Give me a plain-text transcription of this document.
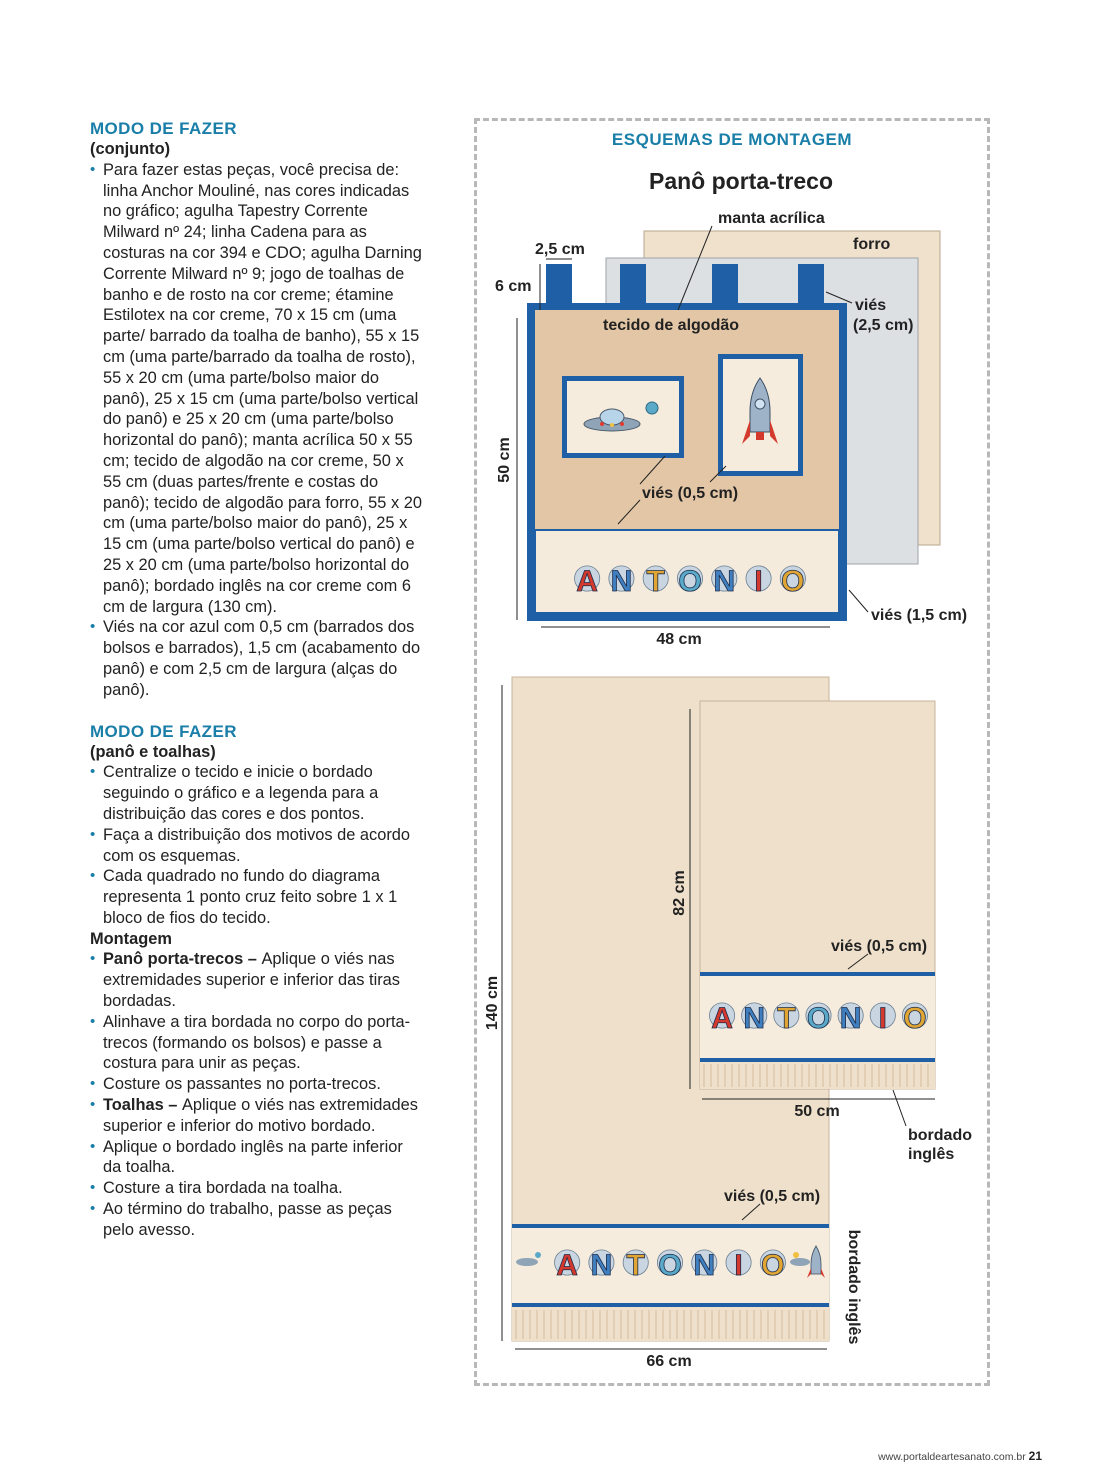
MODO DE FAZER
(conjunto)
• Para fazer estas peças, você precisa de: linha Anchor Mouliné, nas cores indicadas no gráfico; agulha Tapestry Corrente Milward nº 24; linha Cadena para as costuras na cor 394 e CDO; agulha Darning Corrente Milward nº 9; jogo de toalhas de banho e de rosto na cor creme; étamine Estilotex na cor creme, 70 x 15 cm (uma parte/ barrado da toalha de banho), 55 x 15 cm (uma parte/barrado da toalha de rosto), 55 x 20 cm (uma parte/bolso maior do panô), 25 x 15 cm (uma parte/bolso vertical do panô) e 25 x 20 cm (uma parte/bolso horizontal do panô); manta acrílica 50 x 55 cm; tecido de algodão na cor creme, 50 x 55 cm (duas partes/frente e costas do panô); tecido de algodão para forro, 55 x 20 cm (uma parte/bolso maior do panô), 25 x 15 cm (uma parte/bolso vertical do panô) e 25 x 20 cm (uma parte/bolso horizontal do panô); bordado inglês na cor creme com 6 cm de largura (130 cm).
• Viés na cor azul com 0,5 cm (barrados dos bolsos e barrados), 1,5 cm (acabamento do panô) e com 2,5 cm de largura (alças do panô).
MODO DE FAZER
(panô e toalhas)
• Centralize o tecido e inicie o bordado seguindo o gráfico e a legenda para a distribuição das cores e dos pontos.
• Faça a distribuição dos motivos de acordo com os esquemas.
• Cada quadrado no fundo do diagrama representa 1 ponto cruz feito sobre 1 x 1 bloco de fios do tecido.
Montagem
• Panô porta-trecos – Aplique o viés nas extremidades superior e inferior das tiras bordadas.
• Alinhave a tira bordada no corpo do porta-trecos (formando os bolsos) e passe a costura para unir as peças.
• Costure os passantes no porta-trecos.
• Toalhas – Aplique o viés nas extremidades superior e inferior do motivo bordado.
• Aplique o bordado inglês na parte inferior da toalha.
• Costure a tira bordada na toalha.
• Ao término do trabalho, passe as peças pelo avesso.
ESQUEMAS DE MONTAGEM
Panô porta-treco
A N T O N I O
manta acrílica
forro
2,5 cm
6 cm
viés
(2,5 cm)
tecido de algodão
50 cm
viés (0,5 cm)
viés (1,5 cm)
48 cm
A N T O N I O
A N T O N I O
82 cm
viés (0,5 cm)
50 cm
bordado
inglês
140 cm
viés (0,5 cm)
bordado inglês
66 cm
www.portaldeartesanato.com.br 21
